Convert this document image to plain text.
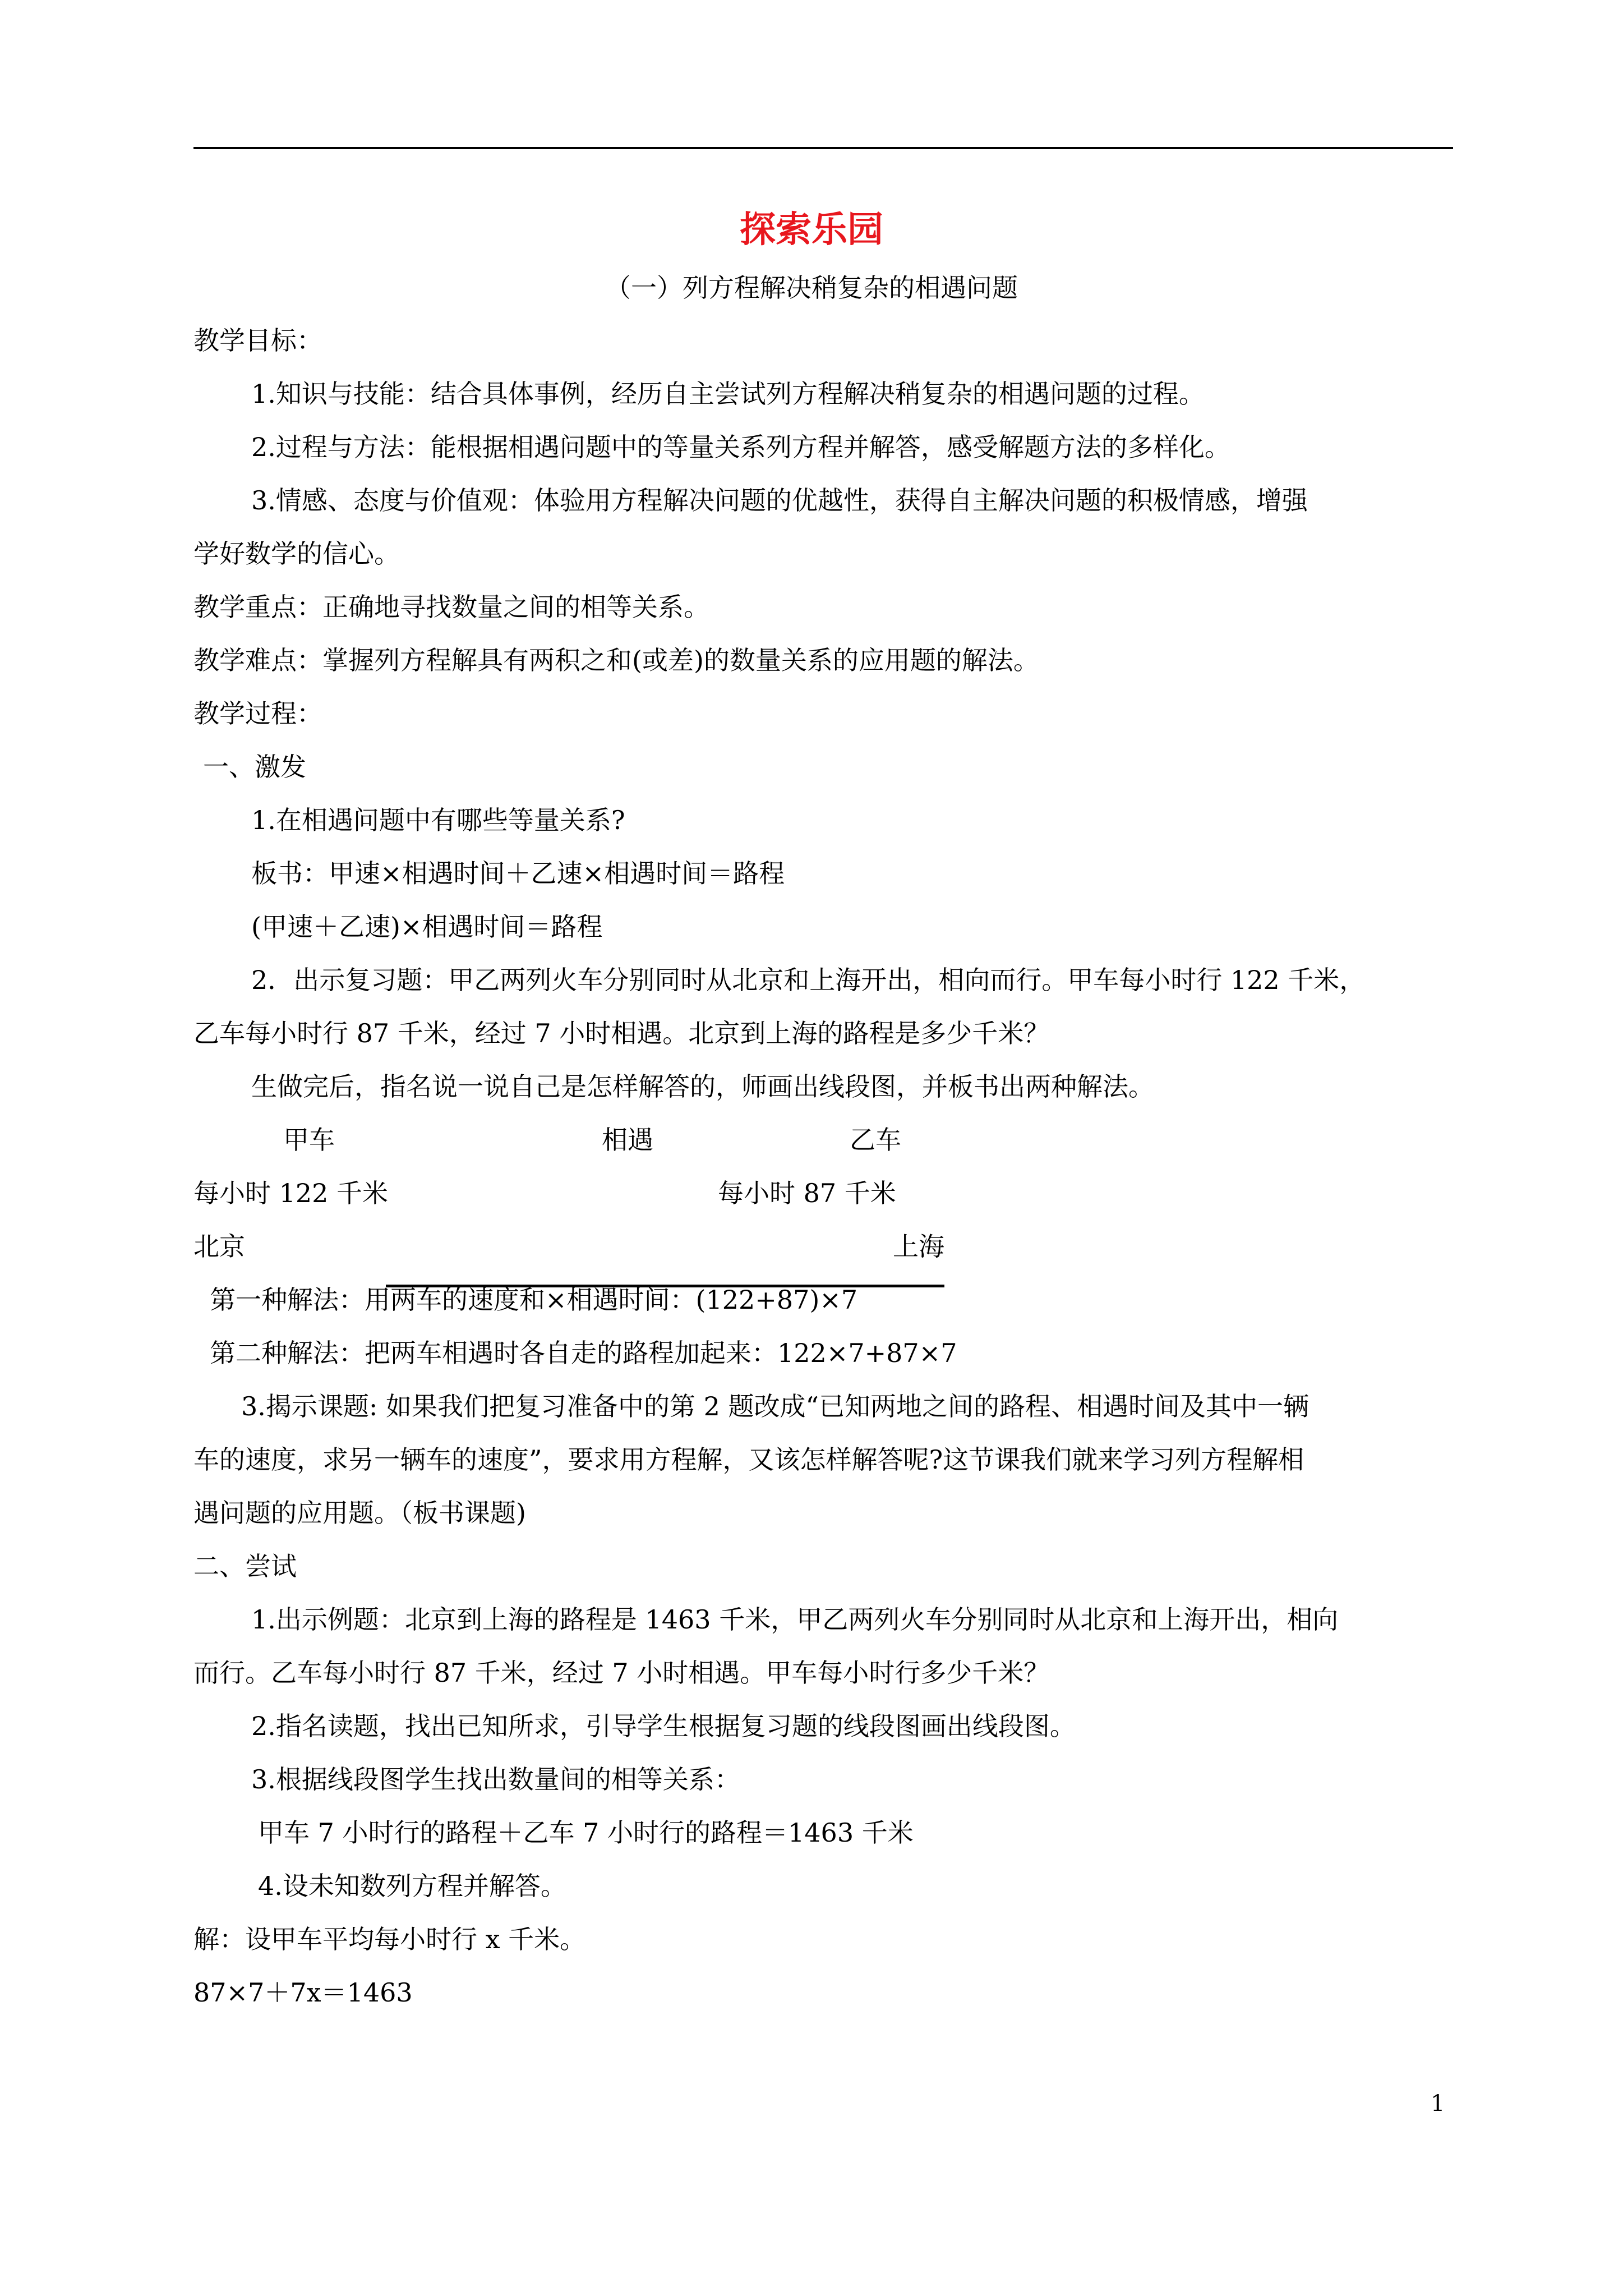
探索乐园
（一）列方程解决稍复杂的相遇问题
教学目标：
1.知识与技能：结合具体事例，经历自主尝试列方程解决稍复杂的相遇问题的过程。
2.过程与方法：能根据相遇问题中的等量关系列方程并解答，感受解题方法的多样化。
3.情感、态度与价值观：体验用方程解决问题的优越性，获得自主解决问题的积极情感，增强
学好数学的信心。
教学重点：正确地寻找数量之间的相等关系。
教学难点：掌握列方程解具有两积之和(或差)的数量关系的应用题的解法。
教学过程：
一、激发
1.在相遇问题中有哪些等量关系?
板书：甲速×相遇时间＋乙速×相遇时间＝路程
(甲速＋乙速)×相遇时间＝路程
2．出示复习题：甲乙两列火车分别同时从北京和上海开出，相向而行。甲车每小时行 122 千米，
乙车每小时行 87 千米，经过 7 小时相遇。北京到上海的路程是多少千米？
生做完后，指名说一说自己是怎样解答的，师画出线段图，并板书出两种解法。
甲车	相遇	乙车
每小时 122 千米	每小时 87 千米
北京	上海
第一种解法：用两车的速度和×相遇时间：(122+87)×7
第二种解法：把两车相遇时各自走的路程加起来：122×7+87×7
3.揭示课题: 如果我们把复习准备中的第 2 题改成“已知两地之间的路程、相遇时间及其中一辆
车的速度，求另一辆车的速度”，要求用方程解，又该怎样解答呢?这节课我们就来学习列方程解相
遇问题的应用题。（板书课题)
二、尝试
1.出示例题：北京到上海的路程是 1463 千米，甲乙两列火车分别同时从北京和上海开出，相向
而行。乙车每小时行 87 千米，经过 7 小时相遇。甲车每小时行多少千米？
2.指名读题，找出已知所求，引导学生根据复习题的线段图画出线段图。
3.根据线段图学生找出数量间的相等关系：
甲车 7 小时行的路程＋乙车 7 小时行的路程＝1463 千米
4.设未知数列方程并解答。
解：设甲车平均每小时行 x 千米。
87×7＋7x＝1463
1
